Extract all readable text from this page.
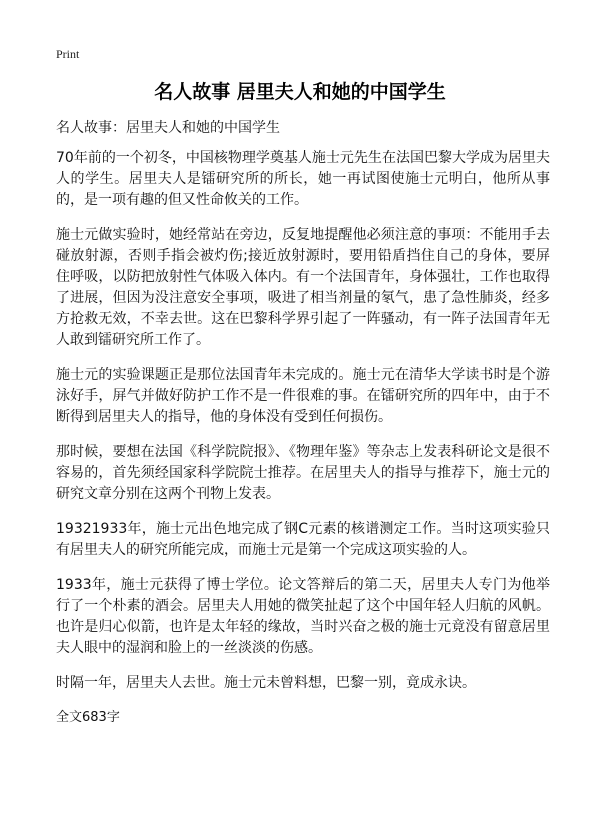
Print
名人故事 居里夫人和她的中国学生

名人故事：居里夫人和她的中国学生

70年前的一个初冬，中国核物理学奠基人施士元先生在法国巴黎大学成为居里夫人的学生。居里夫人是镭研究所的所长，她一再试图使施士元明白，他所从事的，是一项有趣的但又性命攸关的工作。

施士元做实验时，她经常站在旁边，反复地提醒他必须注意的事项：不能用手去碰放射源，否则手指会被灼伤;接近放射源时，要用铅盾挡住自己的身体，要屏住呼吸，以防把放射性气体吸入体内。有一个法国青年，身体强壮，工作也取得了进展，但因为没注意安全事项，吸进了相当剂量的氡气，患了急性肺炎，经多方抢救无效，不幸去世。这在巴黎科学界引起了一阵骚动，有一阵子法国青年无人敢到镭研究所工作了。

施士元的实验课题正是那位法国青年未完成的。施士元在清华大学读书时是个游泳好手，屏气并做好防护工作不是一件很难的事。在镭研究所的四年中，由于不断得到居里夫人的指导，他的身体没有受到任何损伤。

那时候，要想在法国《科学院院报》、《物理年鉴》等杂志上发表科研论文是很不容易的，首先须经国家科学院院士推荐。在居里夫人的指导与推荐下，施士元的研究文章分别在这两个刊物上发表。

19321933年，施士元出色地完成了钢C元素的核谱测定工作。当时这项实验只有居里夫人的研究所能完成，而施士元是第一个完成这项实验的人。

1933年，施士元获得了博士学位。论文答辩后的第二天，居里夫人专门为他举行了一个朴素的酒会。居里夫人用她的微笑扯起了这个中国年轻人归航的风帆。也许是归心似箭，也许是太年轻的缘故，当时兴奋之极的施士元竟没有留意居里夫人眼中的湿润和脸上的一丝淡淡的伤感。

时隔一年，居里夫人去世。施士元未曾料想，巴黎一别，竟成永诀。

全文683字
